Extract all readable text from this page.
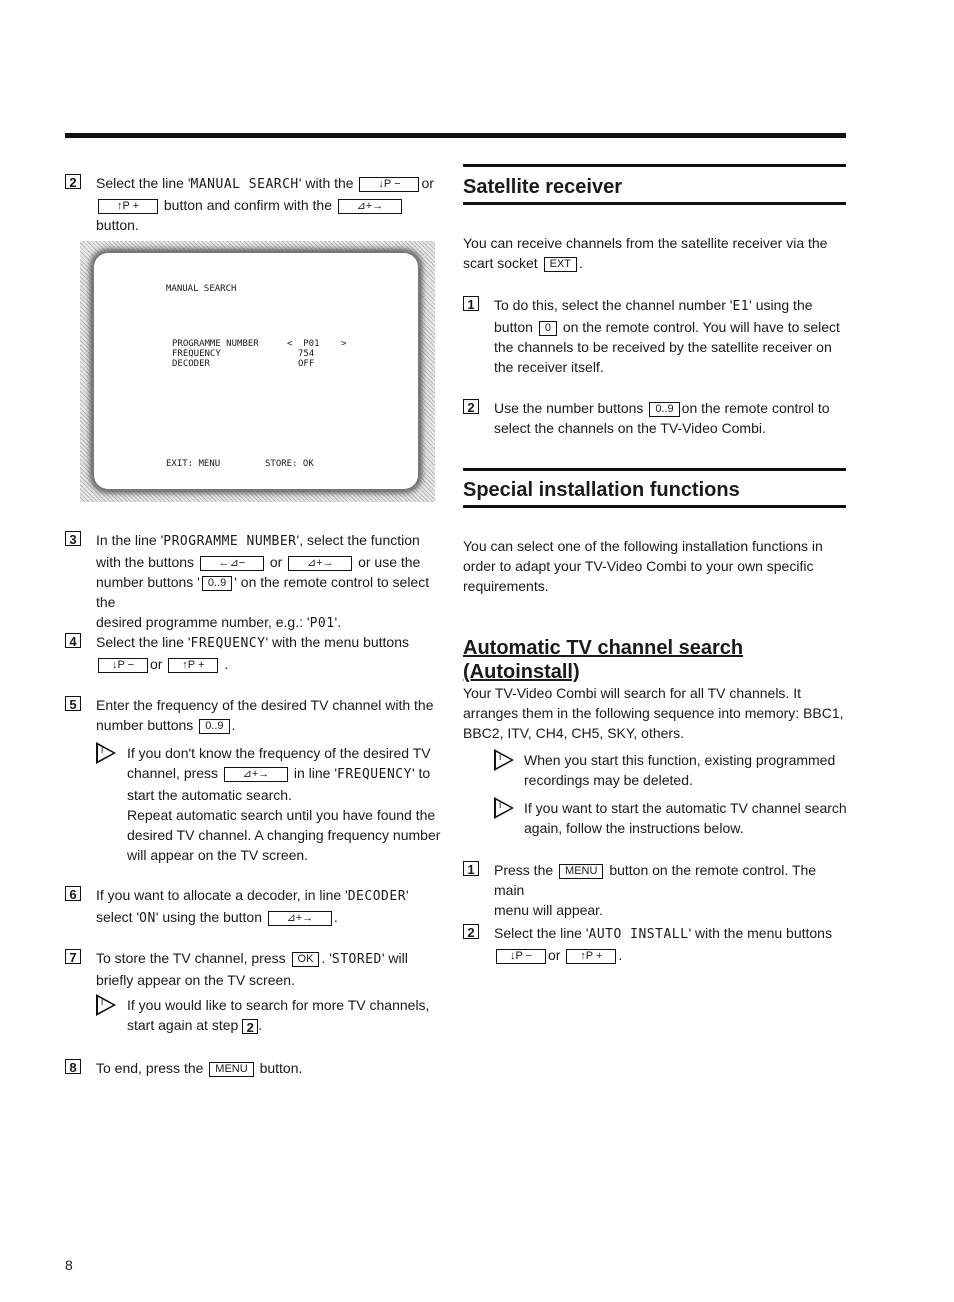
2	Select the line 'MANUAL SEARCH' with the ↓P − or
↑P + button and confirm with the ⊿+→ button.
MANUAL SEARCH
PROGRAMME NUMBER	<  P01    >
FREQUENCY	754
DECODER	OFF
EXIT: MENU	STORE: OK
3	In the line 'PROGRAMME NUMBER', select the function
with the buttons ←⊿− or ⊿+→ or use the
number buttons ' 0..9 ' on the remote control to select the
desired programme number, e.g.: 'P01'.
4	Select the line 'FREQUENCY' with the menu buttons
↓P − or ↑P + .
5	Enter the frequency of the desired TV channel with the
number buttons 0..9 .
i If you don't know the frequency of the desired TV
channel, press ⊿+→ in line 'FREQUENCY' to
start the automatic search.
Repeat automatic search until you have found the
desired TV channel. A changing frequency number
will appear on the TV screen.
6	If you want to allocate a decoder, in line 'DECODER'
select 'ON' using the button ⊿+→ .
7	To store the TV channel, press OK . 'STORED' will
briefly appear on the TV screen.
i If you would like to search for more TV channels,
start again at step 2 .
8	To end, press the MENU button.
Satellite receiver
You can receive channels from the satellite receiver via the
scart socket EXT .
1	To do this, select the channel number 'E1' using the
button 0 on the remote control. You will have to select
the channels to be received by the satellite receiver on
the receiver itself.
2	Use the number buttons 0..9 on the remote control to
select the channels on the TV-Video Combi.
Special installation functions
You can select one of the following installation functions in
order to adapt your TV-Video Combi to your own specific
requirements.
Automatic TV channel search (Autoinstall)
Your TV-Video Combi will search for all TV channels. It
arranges them in the following sequence into memory: BBC1,
BBC2, ITV, CH4, CH5, SKY, others.
i When you start this function, existing programmed
recordings may be deleted.
i If you want to start the automatic TV channel search
again, follow the instructions below.
1	Press the MENU button on the remote control. The main
menu will appear.
2	Select the line 'AUTO INSTALL' with the menu buttons
↓P − or ↑P + .
8
